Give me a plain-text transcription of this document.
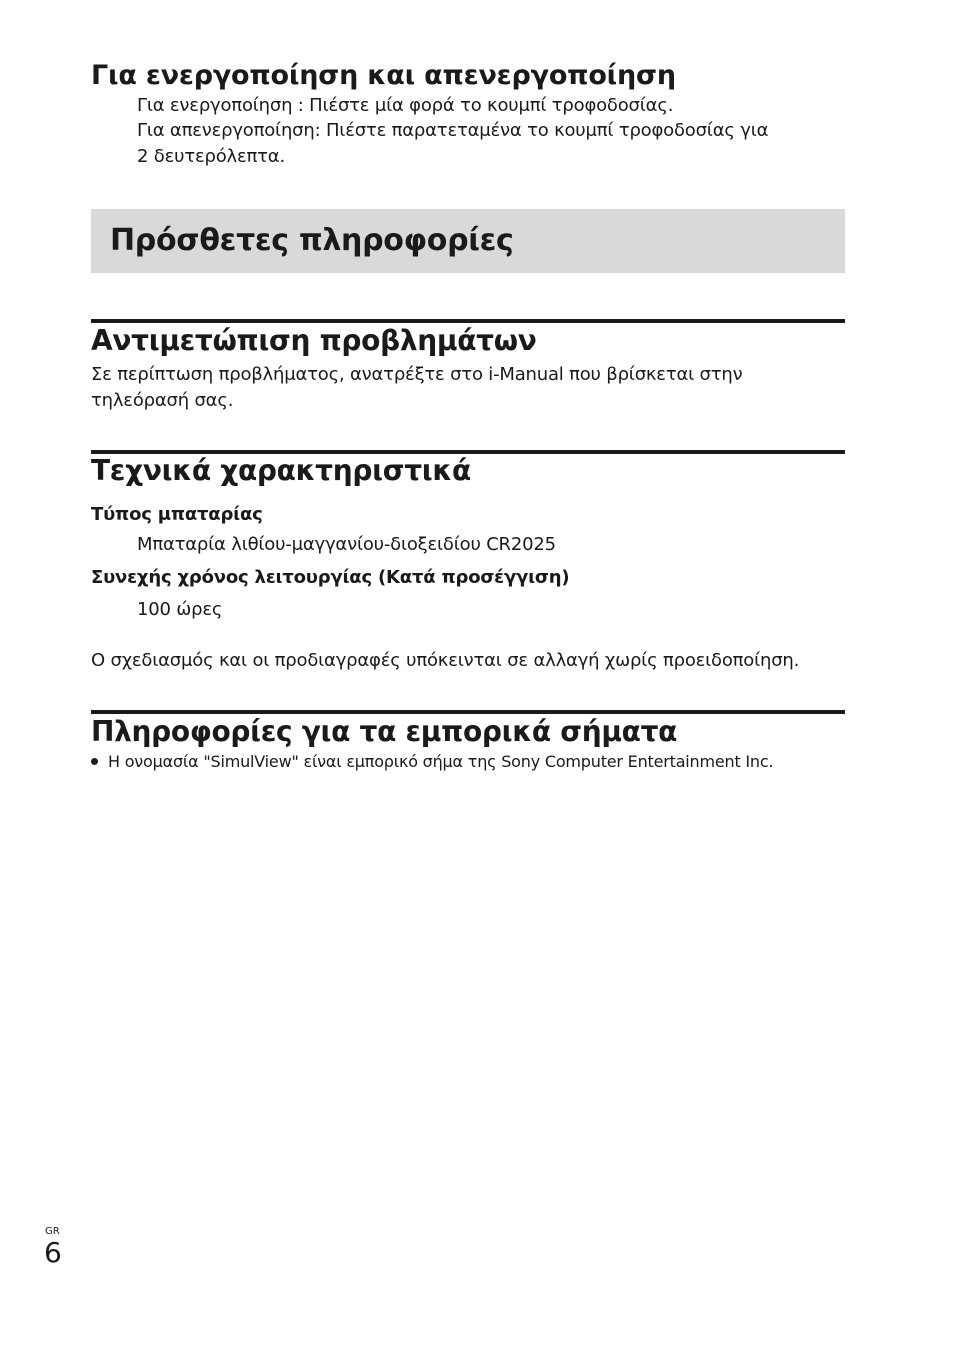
Για ενεργοποίηση και απενεργοποίηση
Για ενεργοποίηση : Πιέστε μία φορά το κουμπί τροφοδοσίας.
Για απενεργοποίηση: Πιέστε παρατεταμένα το κουμπί τροφοδοσίας για
2 δευτερόλεπτα.
Πρόσθετες πληροφορίες
Αντιμετώπιση προβλημάτων
Σε περίπτωση προβλήματος, ανατρέξτε στο i-Manual που βρίσκεται στην
τηλεόρασή σας.
Τεχνικά χαρακτηριστικά
Τύπος μπαταρίας
Μπαταρία λιθίου-μαγγανίου-διοξειδίου CR2025
Συνεχής χρόνος λειτουργίας (Κατά προσέγγιση)
100 ώρες
Ο σχεδιασμός και οι προδιαγραφές υπόκεινται σε αλλαγή χωρίς προειδοποίηση.
Πληροφορίες για τα εμπορικά σήματα
Η ονομασία "SimulView" είναι εμπορικό σήμα της Sony Computer Entertainment Inc.
GR
6
